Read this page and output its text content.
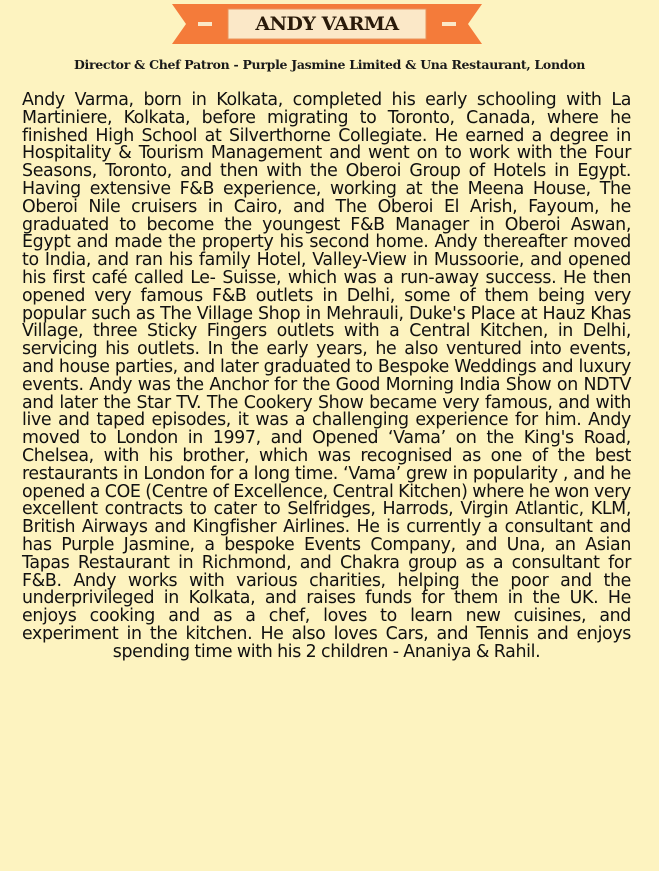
ANDY VARMA
Director & Chef Patron - Purple Jasmine Limited & Una Restaurant, London

Andy Varma, born in Kolkata, completed his early schooling with La Martiniere, Kolkata, before migrating to Toronto, Canada, where he finished High School at Silverthorne Collegiate. He earned a degree in Hospitality & Tourism Management and went on to work with the Four Seasons, Toronto, and then with the Oberoi Group of Hotels in Egypt. Having extensive F&B experience, working at the Meena House, The Oberoi Nile cruisers in Cairo, and The Oberoi El Arish, Fayoum, he graduated to become the youngest F&B Manager in Oberoi Aswan, Egypt and made the property his second home. Andy thereafter moved to India, and ran his family Hotel, Valley-View in Mussoorie, and opened his first café called Le- Suisse, which was a run-away success. He then opened very famous F&B outlets in Delhi, some of them being very popular such as The Village Shop in Mehrauli, Duke's Place at Hauz Khas Village, three Sticky Fingers outlets with a Central Kitchen, in Delhi, servicing his outlets. In the early years, he also ventured into events, and house parties, and later graduated to Bespoke Weddings and luxury events. Andy was the Anchor for the Good Morning India Show on NDTV and later the Star TV. The Cookery Show became very famous, and with live and taped episodes, it was a challenging experience for him. Andy moved to London in 1997, and Opened ‘Vama’ on the King's Road, Chelsea, with his brother, which was recognised as one of the best restaurants in London for a long time. ‘Vama’ grew in popularity , and he opened a COE (Centre of Excellence, Central Kitchen) where he won very excellent contracts to cater to Selfridges, Harrods, Virgin Atlantic, KLM, British Airways and Kingfisher Airlines. He is currently a consultant and has Purple Jasmine, a bespoke Events Company, and Una, an Asian Tapas Restaurant in Richmond, and Chakra group as a consultant for F&B. Andy works with various charities, helping the poor and the underprivileged in Kolkata, and raises funds for them in the UK. He enjoys cooking and as a chef, loves to learn new cuisines, and experiment in the kitchen. He also loves Cars, and Tennis and enjoys spending time with his 2 children - Ananiya & Rahil.
